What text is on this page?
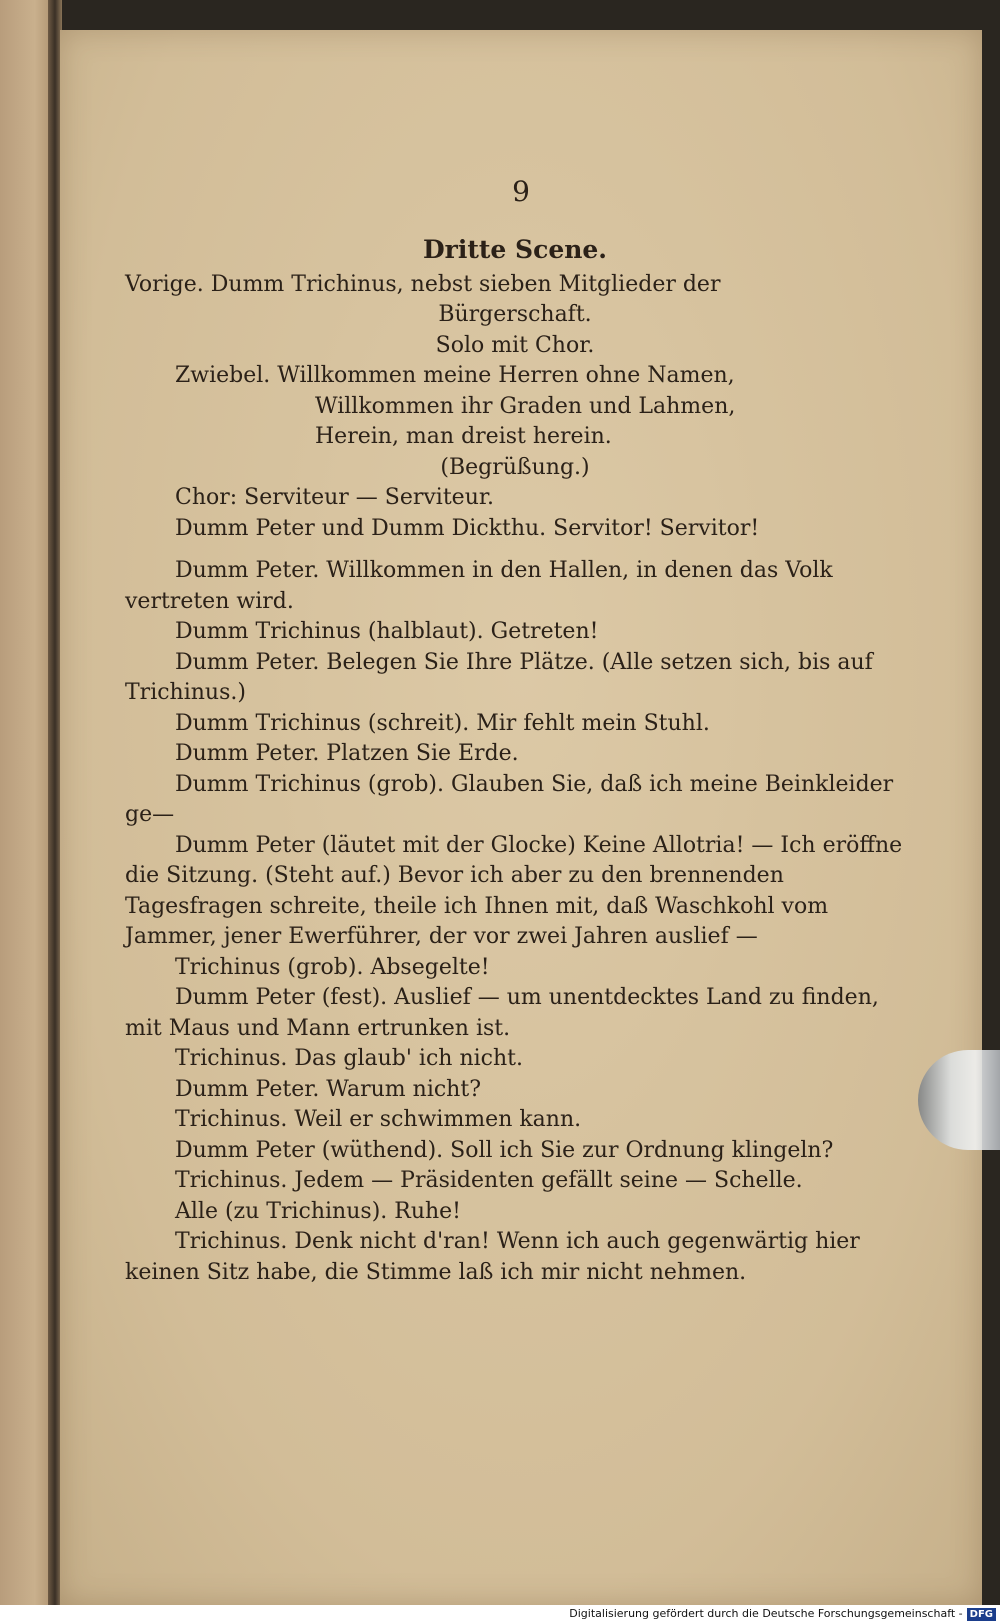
9

Dritte Scene.

Vorige. Dumm Trichinus, nebst sieben Mitglieder der

Bürgerschaft.

Solo mit Chor.

Zwiebel. Willkommen meine Herren ohne Namen,

Willkommen ihr Graden und Lahmen,

Herein, man dreist herein.

(Begrüßung.)

Chor: Serviteur — Serviteur.

Dumm Peter und Dumm Dickthu. Servitor! Servitor!

Dumm Peter. Willkommen in den Hallen, in denen das Volk vertreten wird.

Dumm Trichinus (halblaut). Getreten!

Dumm Peter. Belegen Sie Ihre Plätze. (Alle setzen sich, bis auf Trichinus.)

Dumm Trichinus (schreit). Mir fehlt mein Stuhl.

Dumm Peter. Platzen Sie Erde.

Dumm Trichinus (grob). Glauben Sie, daß ich meine Beinkleider ge—

Dumm Peter (läutet mit der Glocke) Keine Allotria! — Ich eröffne die Sitzung. (Steht auf.) Bevor ich aber zu den brennenden Tagesfragen schreite, theile ich Ihnen mit, daß Waschkohl vom Jammer, jener Ewerführer, der vor zwei Jahren auslief —

Trichinus (grob). Absegelte!

Dumm Peter (fest). Auslief — um unentdecktes Land zu finden, mit Maus und Mann ertrunken ist.

Trichinus. Das glaub' ich nicht.

Dumm Peter. Warum nicht?

Trichinus. Weil er schwimmen kann.

Dumm Peter (wüthend). Soll ich Sie zur Ordnung klingeln?

Trichinus. Jedem — Präsidenten gefällt seine — Schelle.

Alle (zu Trichinus). Ruhe!

Trichinus. Denk nicht d'ran! Wenn ich auch gegenwärtig hier keinen Sitz habe, die Stimme laß ich mir nicht nehmen.

Digitalisierung gefördert durch die Deutsche Forschungsgemeinschaft - DFG
